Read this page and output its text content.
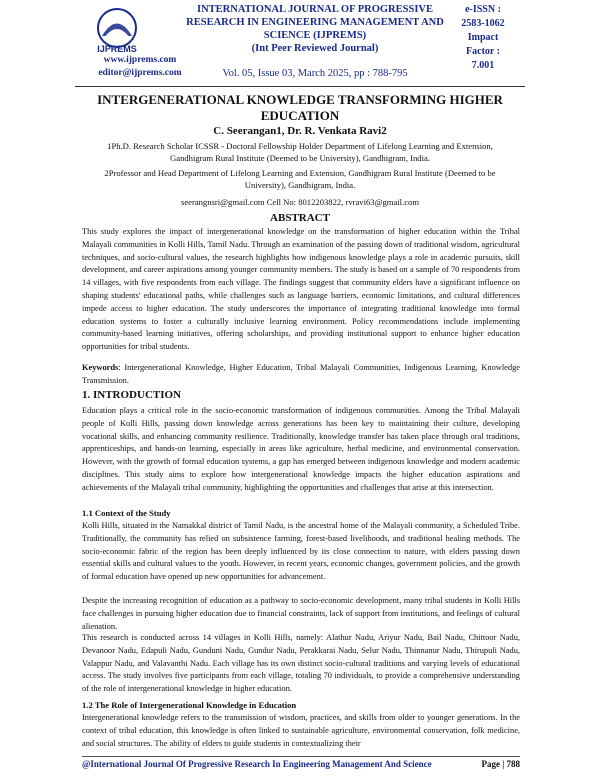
IJPREMS
www.ijprems.com
editor@ijprems.com
INTERNATIONAL JOURNAL OF PROGRESSIVE RESEARCH IN ENGINEERING MANAGEMENT AND SCIENCE (IJPREMS)
(Int Peer Reviewed Journal)
Vol. 05, Issue 03, March 2025, pp : 788-795
e-ISSN :
2583-1062
Impact
Factor :
7.001
INTERGENERATIONAL KNOWLEDGE TRANSFORMING HIGHER EDUCATION
C. Seerangan1, Dr. R. Venkata Ravi2
1Ph.D. Research Scholar ICSSR - Doctoral Fellowship Holder Department of Lifelong Learning and Extension, Gandhigram Rural Institute (Deemed to be University), Gandhigram, India.
2Professor and Head Department of Lifelong Learning and Extension, Gandhigram Rural Institute (Deemed to be University), Gandhigram, India.
seerangnsri@gmail.com Cell No: 8012203822, rvravi63@gmail.com
ABSTRACT

This study explores the impact of intergenerational knowledge on the transformation of higher education within the Tribal Malayali communities in Kolli Hills, Tamil Nadu. Through an examination of the passing down of traditional wisdom, agricultural techniques, and socio-cultural values, the research highlights how indigenous knowledge plays a role in academic pursuits, skill development, and career aspirations among younger community members. The study is based on a sample of 70 respondents from 14 villages, with five respondents from each village. The findings suggest that community elders have a significant influence on shaping students' educational paths, while challenges such as language barriers, economic limitations, and cultural differences impede access to higher education. The study underscores the importance of integrating traditional knowledge into formal education systems to foster a culturally inclusive learning environment. Policy recommendations include implementing community-based learning initiatives, offering scholarships, and providing institutional support to enhance higher education opportunities for tribal students.

Keywords: Intergenerational Knowledge, Higher Education, Tribal Malayali Communities, Indigenous Learning, Knowledge Transmission.

1. INTRODUCTION

Education plays a critical role in the socio-economic transformation of indigenous communities. Among the Tribal Malayali people of Kolli Hills, passing down knowledge across generations has been key to maintaining their culture, developing vocational skills, and enhancing community resilience. Traditionally, knowledge transfer has taken place through oral traditions, apprenticeships, and hands-on learning, especially in areas like agriculture, herbal medicine, and environmental conservation. However, with the growth of formal education systems, a gap has emerged between indigenous knowledge and modern academic disciplines. This study aims to explore how intergenerational knowledge impacts the higher education aspirations and achievements of the Malayali tribal community, highlighting the opportunities and challenges that arise at this intersection.

1.1 Context of the Study

Kolli Hills, situated in the Namakkal district of Tamil Nadu, is the ancestral home of the Malayali community, a Scheduled Tribe. Traditionally, the community has relied on subsistence farming, forest-based livelihoods, and traditional healing methods. The socio-economic fabric of the region has been deeply influenced by its close connection to nature, with elders passing down essential skills and cultural values to the youth. However, in recent years, economic changes, government policies, and the growth of formal education have opened up new opportunities for advancement.

Despite the increasing recognition of education as a pathway to socio-economic development, many tribal students in Kolli Hills face challenges in pursuing higher education due to financial constraints, lack of support from institutions, and feelings of cultural alienation.

This research is conducted across 14 villages in Kolli Hills, namely: Alathur Nadu, Ariyur Nadu, Bail Nadu, Chittoor Nadu, Devanoor Nadu, Edapuli Nadu, Gunduni Nadu, Gundur Nadu, Perakkarai Nadu, Selur Nadu, Thinnanur Nadu, Thirupuli Nadu, Valappur Nadu, and Valavanthi Nadu. Each village has its own distinct socio-cultural traditions and varying levels of educational access. The study involves five participants from each village, totaling 70 individuals, to provide a comprehensive understanding of the role of intergenerational knowledge in higher education.

1.2 The Role of Intergenerational Knowledge in Education

Intergenerational knowledge refers to the transmission of wisdom, practices, and skills from older to younger generations. In the context of tribal education, this knowledge is often linked to sustainable agriculture, environmental conservation, folk medicine, and social structures. The ability of elders to guide students in contextualizing their

@International Journal Of Progressive Research In Engineering Management And Science	Page | 788
